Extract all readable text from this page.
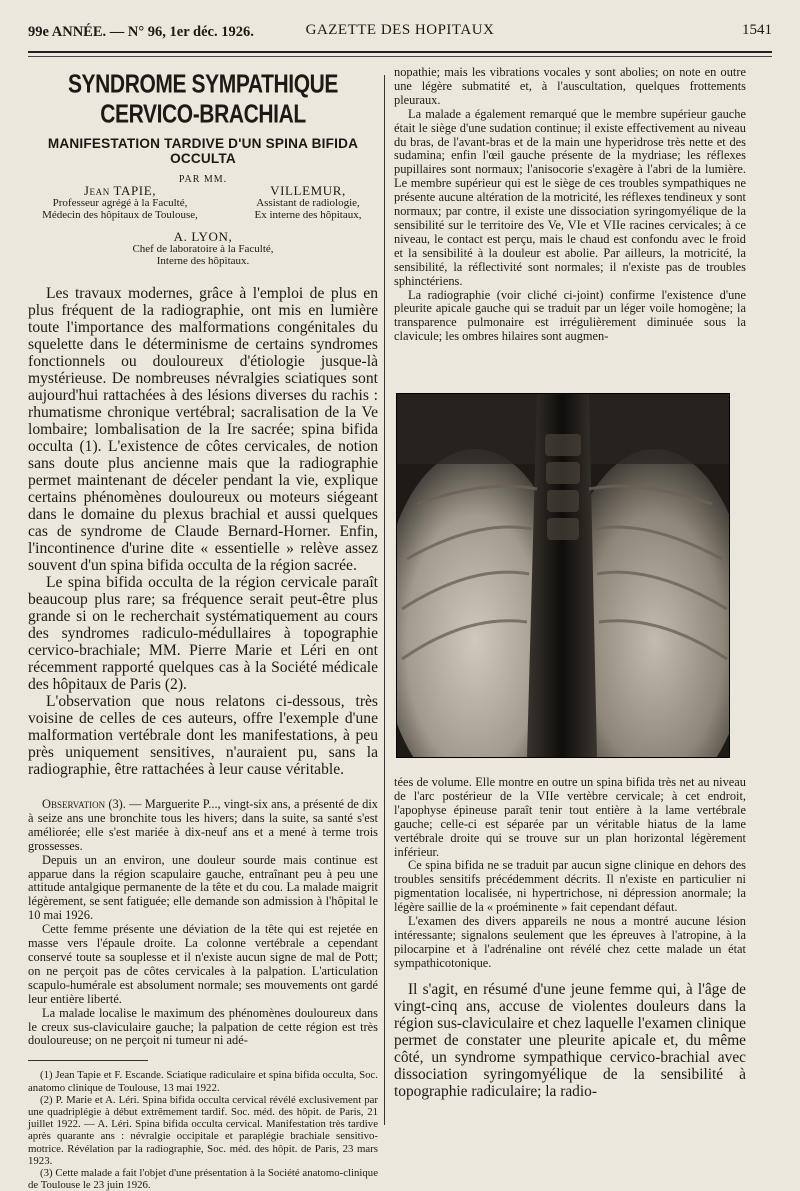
99e ANNÉE. — N° 96, 1er déc. 1926.	GAZETTE DES HOPITAUX	1541
SYNDROME SYMPATHIQUE CERVICO-BRACHIAL
MANIFESTATION TARDIVE D'UN SPINA BIFIDA OCCULTA

PAR MM.

Jean TAPIE,
Professeur agrégé à la Faculté,
Médecin des hôpitaux de Toulouse,
VILLEMUR,
Assistant de radiologie,
Ex interne des hôpitaux,
A. LYON,
Chef de laboratoire à la Faculté,
Interne des hôpitaux.

Les travaux modernes, grâce à l'emploi de plus en plus fréquent de la radiographie, ont mis en lumière toute l'importance des malformations congénitales du squelette dans le déterminisme de certains syndromes fonctionnels ou douloureux d'étiologie jusque-là mystérieuse. De nombreuses névralgies sciatiques sont aujourd'hui rattachées à des lésions diverses du rachis : rhumatisme chronique vertébral; sacralisation de la Ve lombaire; lombalisation de la Ire sacrée; spina bifida occulta (1). L'existence de côtes cervicales, de notion sans doute plus ancienne mais que la radiographie permet maintenant de déceler pendant la vie, explique certains phénomènes douloureux ou moteurs siégeant dans le domaine du plexus brachial et aussi quelques cas de syndrome de Claude Bernard-Horner. Enfin, l'incontinence d'urine dite « essentielle » relève assez souvent d'un spina bifida occulta de la région sacrée.

Le spina bifida occulta de la région cervicale paraît beaucoup plus rare; sa fréquence serait peut-être plus grande si on le recherchait systématiquement au cours des syndromes radiculo-médullaires à topographie cervico-brachiale; MM. Pierre Marie et Léri en ont récemment rapporté quelques cas à la Société médicale des hôpitaux de Paris (2).

L'observation que nous relatons ci-dessous, très voisine de celles de ces auteurs, offre l'exemple d'une malformation vertébrale dont les manifestations, à peu près uniquement sensitives, n'auraient pu, sans la radiographie, être rattachées à leur cause véritable.

Observation (3). — Marguerite P..., vingt-six ans, a présenté de dix à seize ans une bronchite tous les hivers; dans la suite, sa santé s'est améliorée; elle s'est mariée à dix-neuf ans et a mené à terme trois grossesses.

Depuis un an environ, une douleur sourde mais continue est apparue dans la région scapulaire gauche, entraînant peu à peu une attitude antalgique permanente de la tête et du cou. La malade maigrit légèrement, se sent fatiguée; elle demande son admission à l'hôpital le 10 mai 1926.

Cette femme présente une déviation de la tête qui est rejetée en masse vers l'épaule droite. La colonne vertébrale a cependant conservé toute sa souplesse et il n'existe aucun signe de mal de Pott; on ne perçoit pas de côtes cervicales à la palpation. L'articulation scapulo-humérale est absolument normale; ses mouvements ont gardé leur entière liberté.

La malade localise le maximum des phénomènes douloureux dans le creux sus-claviculaire gauche; la palpation de cette région est très douloureuse; on ne perçoit ni tumeur ni adé-

(1) Jean Tapie et F. Escande. Sciatique radiculaire et spina bifida occulta, Soc. anatomo clinique de Toulouse, 13 mai 1922.

(2) P. Marie et A. Léri. Spina bifida occulta cervical révélé exclusivement par une quadriplégie à début extrêmement tardif. Soc. méd. des hôpit. de Paris, 21 juillet 1922. — A. Léri. Spina bifida occulta cervical. Manifestation très tardive après quarante ans : névralgie occipitale et paraplégie brachiale sensitivo-motrice. Révélation par la radiographie, Soc. méd. des hôpit. de Paris, 23 mars 1923.

(3) Cette malade a fait l'objet d'une présentation à la Société anatomo-clinique de Toulouse le 23 juin 1926.

nopathie; mais les vibrations vocales y sont abolies; on note en outre une légère submatité et, à l'auscultation, quelques frottements pleuraux.

La malade a également remarqué que le membre supérieur gauche était le siège d'une sudation continue; il existe effectivement au niveau du bras, de l'avant-bras et de la main une hyperidrose très nette et des sudamina; enfin l'œil gauche présente de la mydriase; les réflexes pupillaires sont normaux; l'anisocorie s'exagère à l'abri de la lumière. Le membre supérieur qui est le siège de ces troubles sympathiques ne présente aucune altération de la motricité, les réflexes tendineux y sont normaux; par contre, il existe une dissociation syringomyélique de la sensibilité sur le territoire des Ve, VIe et VIIe racines cervicales; à ce niveau, le contact est perçu, mais le chaud est confondu avec le froid et la sensibilité à la douleur est abolie. Par ailleurs, la motricité, la sensibilité, la réflectivité sont normales; il n'existe pas de troubles sphinctériens.

La radiographie (voir cliché ci-joint) confirme l'existence d'une pleurite apicale gauche qui se traduit par un léger voile homogène; la transparence pulmonaire est irrégulièrement diminuée sous la clavicule; les ombres hilaires sont augmen-

tées de volume. Elle montre en outre un spina bifida très net au niveau de l'arc postérieur de la VIIe vertèbre cervicale; à cet endroit, l'apophyse épineuse paraît tenir tout entière à la lame vertébrale gauche; celle-ci est séparée par un véritable hiatus de la lame vertébrale droite qui se trouve sur un plan horizontal légèrement inférieur.

Ce spina bifida ne se traduit par aucun signe clinique en dehors des troubles sensitifs précédemment décrits. Il n'existe en particulier ni pigmentation localisée, ni hypertrichose, ni dépression anormale; la légère saillie de la « proéminente » fait cependant défaut.

L'examen des divers appareils ne nous a montré aucune lésion intéressante; signalons seulement que les épreuves à l'atropine, à la pilocarpine et à l'adrénaline ont révélé chez cette malade un état sympathicotonique.

Il s'agit, en résumé d'une jeune femme qui, à l'âge de vingt-cinq ans, accuse de violentes douleurs dans la région sus-claviculaire et chez laquelle l'examen clinique permet de constater une pleurite apicale et, du même côté, un syndrome sympathique cervico-brachial avec dissociation syringomyélique de la sensibilité à topographie radiculaire; la radio-
